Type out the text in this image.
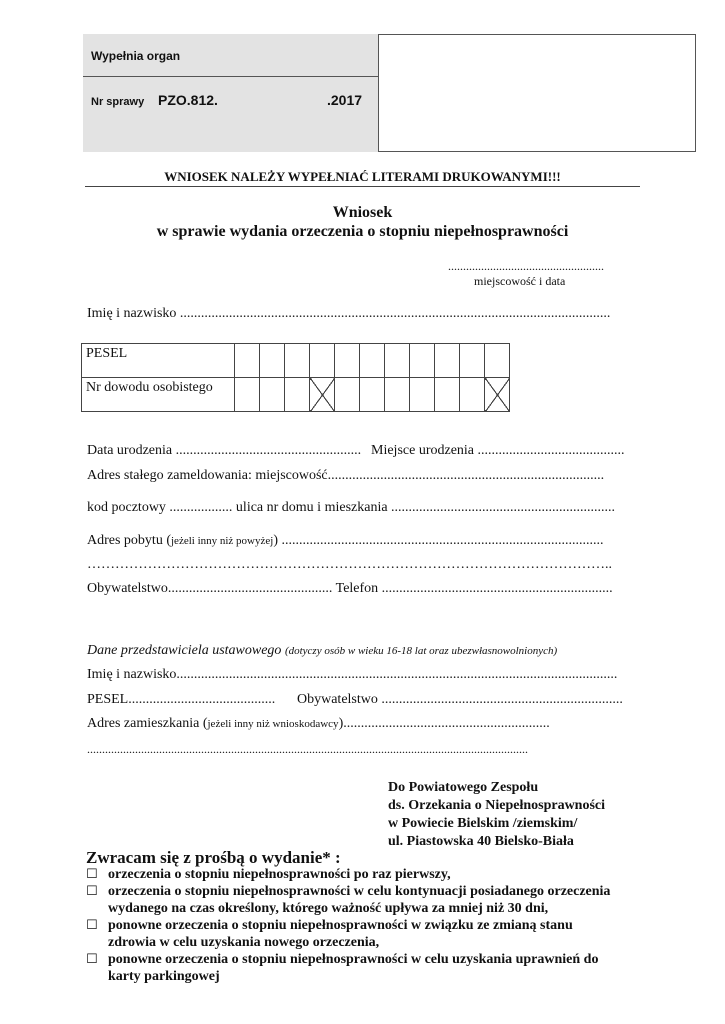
Wypełnia organ
Nr sprawy PZO.812.	.2017
WNIOSEK NALEŻY WYPEŁNIAĆ LITERAMI DRUKOWANYMI!!!
Wniosek
w sprawie wydania orzeczenia o stopniu niepełnosprawności
....................................................
miejscowość i data
Imię i nazwisko ...........................................................................................................................
PESEL											
Nr dowodu osobistego											
Data urodzenia ..................................................... Miejsce urodzenia ..........................................
Adres stałego zameldowania: miejscowość...............................................................................
kod pocztowy .................. ulica nr domu i mieszkania ................................................................
Adres pobytu (jeżeli inny niż powyżej) ............................................................................................
…………………………………………………………………………………………………..
Obywatelstwo............................................... Telefon ..................................................................
Dane przedstawiciela ustawowego (dotyczy osób w wieku 16-18 lat oraz ubezwłasnowolnionych)
Imię i nazwisko..............................................................................................................................
PESEL.......................................... Obywatelstwo .....................................................................
Adres zamieszkania (jeżeli inny niż wnioskodawcy)...........................................................
...................................................................................................................................................
Do Powiatowego Zespołu
ds. Orzekania o Niepełnosprawności
w Powiecie Bielskim /ziemskim/
ul. Piastowska 40 Bielsko-Biała
Zwracam się z prośbą o wydanie* :
☐ orzeczenia o stopniu niepełnosprawności po raz pierwszy,
☐ orzeczenia o stopniu niepełnosprawności w celu kontynuacji posiadanego orzeczenia
wydanego na czas określony, którego ważność upływa za mniej niż 30 dni,
☐ ponowne orzeczenia o stopniu niepełnosprawności w związku ze zmianą stanu
zdrowia w celu uzyskania nowego orzeczenia,
☐ ponowne orzeczenia o stopniu niepełnosprawności w celu uzyskania uprawnień do
karty parkingowej
